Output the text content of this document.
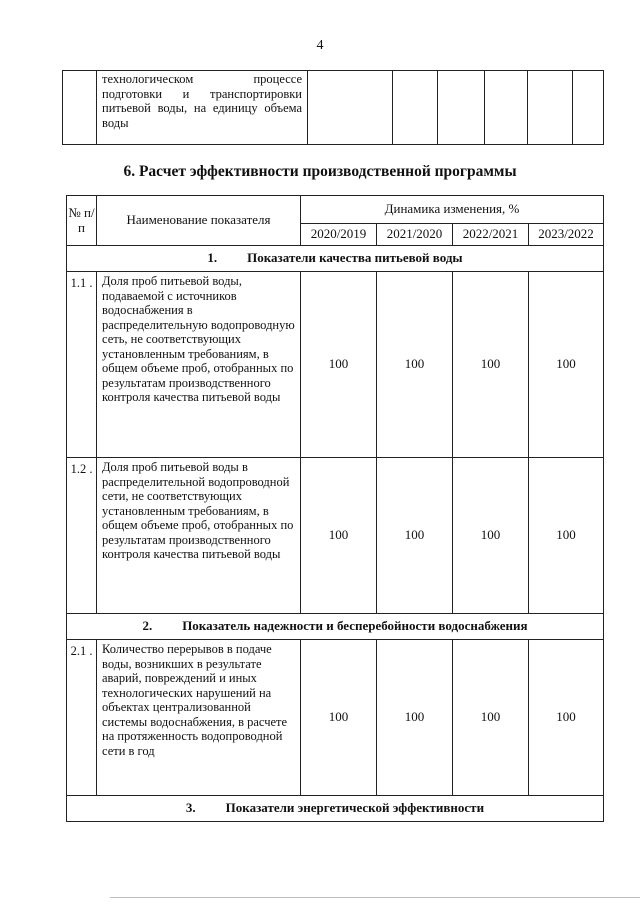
4
	технологическом процессе подготовки и транспортировки питьевой воды, на единицу объема воды						
6. Расчет эффективности производственной программы
№ п/п	Наименование показателя	Динамика изменения, %			
		2020/2019	2021/2020	2022/2021	2023/2022
1. Показатели качества питьевой воды					
1.1 .	Доля проб питьевой воды, подаваемой с источников водоснабжения в распределительную водопроводную сеть, не соответствующих установленным требованиям, в общем объеме проб, отобранных по результатам производственного контроля качества питьевой воды	100	100	100	100
1.2 .	Доля проб питьевой воды в распределительной водопроводной сети, не соответствующих установленным требованиям, в общем объеме проб, отобранных по результатам производственного контроля качества питьевой воды	100	100	100	100
2. Показатель надежности и бесперебойности водоснабжения					
2.1 .	Количество перерывов в подаче воды, возникших в результате аварий, повреждений и иных технологических нарушений на объектах централизованной системы водоснабжения, в расчете на протяженность водопроводной сети в год	100	100	100	100
3. Показатели энергетической эффективности					
